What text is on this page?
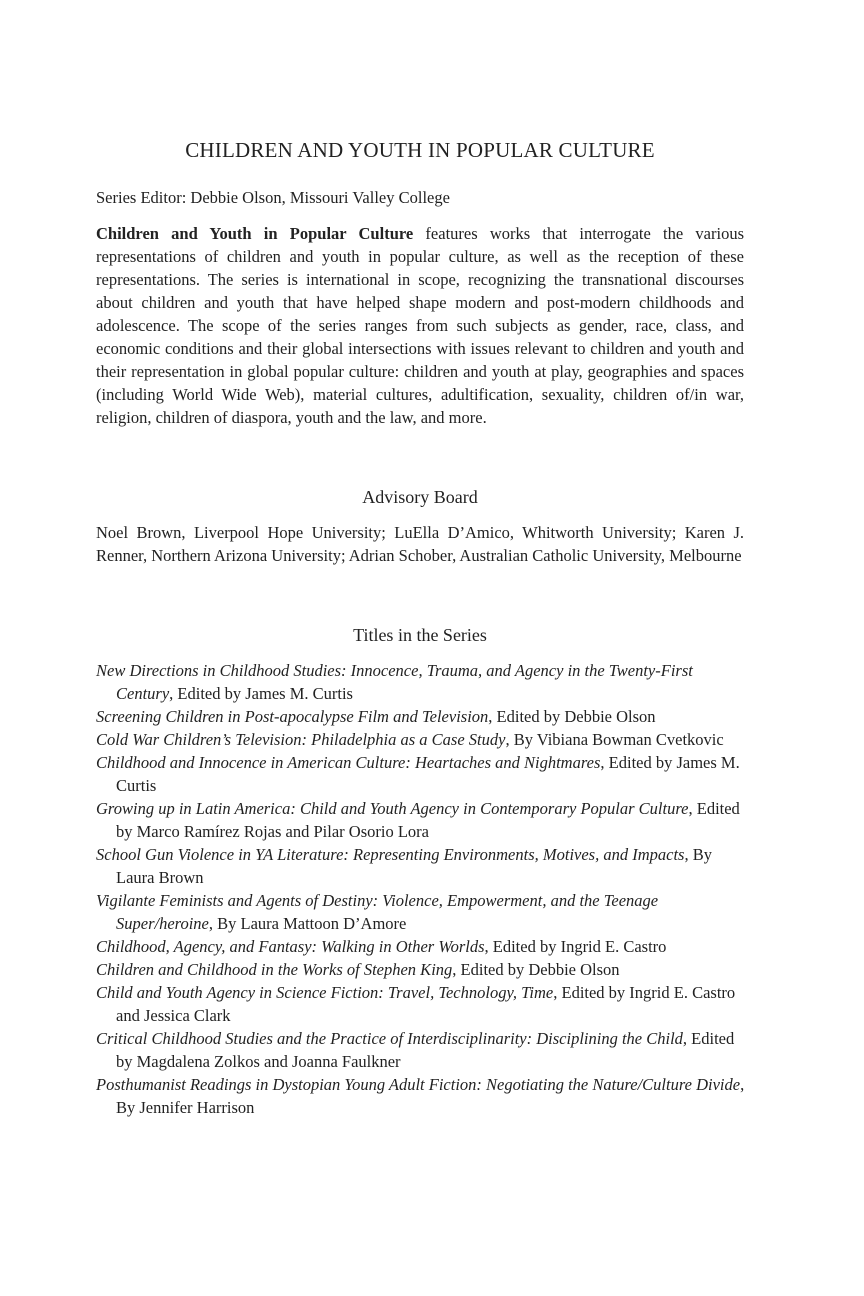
CHILDREN AND YOUTH IN POPULAR CULTURE

Series Editor: Debbie Olson, Missouri Valley College

Children and Youth in Popular Culture features works that interrogate the various representations of children and youth in popular culture, as well as the reception of these representations. The series is international in scope, recognizing the transnational discourses about children and youth that have helped shape modern and post-modern childhoods and adolescence. The scope of the series ranges from such subjects as gender, race, class, and economic conditions and their global intersections with issues relevant to children and youth and their representation in global popular culture: children and youth at play, geographies and spaces (including World Wide Web), material cultures, adultification, sexuality, children of/in war, religion, children of diaspora, youth and the law, and more.

Advisory Board

Noel Brown, Liverpool Hope University; LuElla D’Amico, Whitworth University; Karen J. Renner, Northern Arizona University; Adrian Schober, Australian Catholic University, Melbourne

Titles in the Series
New Directions in Childhood Studies: Innocence, Trauma, and Agency in the Twenty-First Century, Edited by James M. Curtis
Screening Children in Post-apocalypse Film and Television, Edited by Debbie Olson
Cold War Children’s Television: Philadelphia as a Case Study, By Vibiana Bowman Cvetkovic
Childhood and Innocence in American Culture: Heartaches and Nightmares, Edited by James M. Curtis
Growing up in Latin America: Child and Youth Agency in Contemporary Popular Culture, Edited by Marco Ramírez Rojas and Pilar Osorio Lora
School Gun Violence in YA Literature: Representing Environments, Motives, and Impacts, By Laura Brown
Vigilante Feminists and Agents of Destiny: Violence, Empowerment, and the Teenage Super/heroine, By Laura Mattoon D’Amore
Childhood, Agency, and Fantasy: Walking in Other Worlds, Edited by Ingrid E. Castro
Children and Childhood in the Works of Stephen King, Edited by Debbie Olson
Child and Youth Agency in Science Fiction: Travel, Technology, Time, Edited by Ingrid E. Castro and Jessica Clark
Critical Childhood Studies and the Practice of Interdisciplinarity: Disciplining the Child, Edited by Magdalena Zolkos and Joanna Faulkner
Posthumanist Readings in Dystopian Young Adult Fiction: Negotiating the Nature/Culture Divide, By Jennifer Harrison
